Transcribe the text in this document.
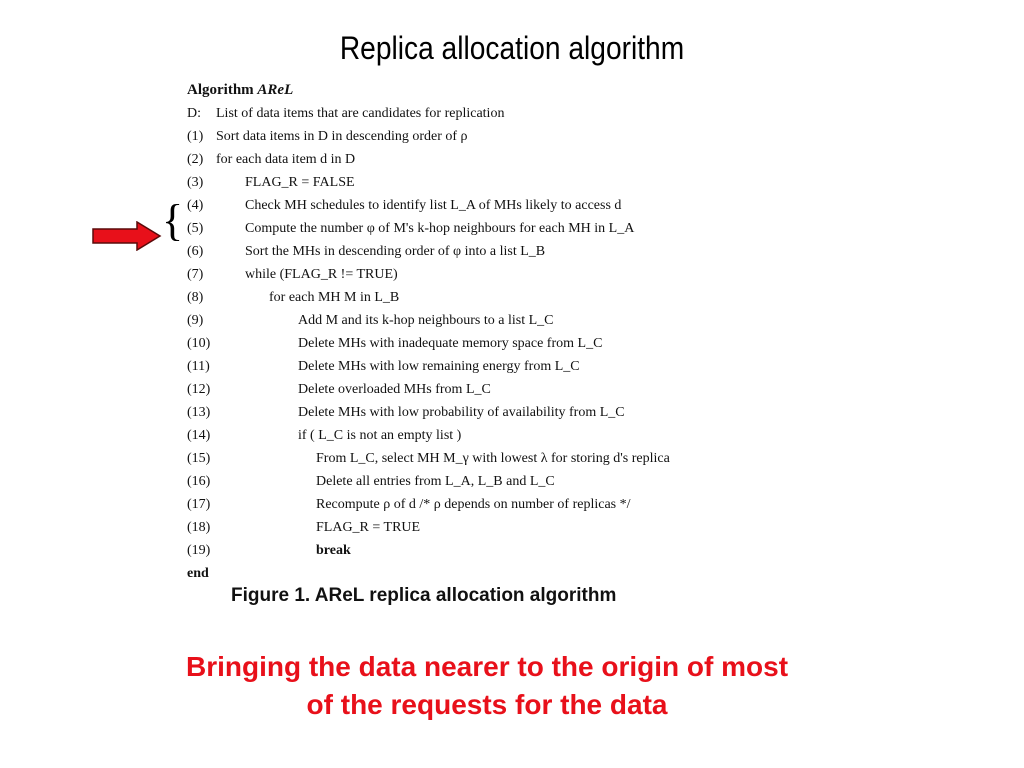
Replica allocation algorithm
{
Algorithm AReL
D: List of data items that are candidates for replication
(1) Sort data items in D in descending order of ρ
(2) for each data item d in D
(3)	FLAG_R = FALSE
(4)	Check MH schedules to identify list L_A of MHs likely to access d
(5)	Compute the number φ of M's k-hop neighbours for each MH in L_A
(6)	Sort the MHs in descending order of φ into a list L_B
(7)	while (FLAG_R != TRUE)
(8)	for each MH M in L_B
(9)	Add M and its k-hop neighbours to a list L_C
(10)	Delete MHs with inadequate memory space from L_C
(11)	Delete MHs with low remaining energy from L_C
(12)	Delete overloaded MHs from L_C
(13)	Delete MHs with low probability of availability from L_C
(14)	if ( L_C is not an empty list )
(15)	From L_C, select MH M_γ with lowest λ for storing d's replica
(16)	Delete all entries from L_A, L_B and L_C
(17)	Recompute ρ of d /* ρ depends on number of replicas */
(18)	FLAG_R = TRUE
(19)	break
end
Figure 1. AReL replica allocation algorithm
Bringing the data nearer to the origin of most
of the requests for the data
